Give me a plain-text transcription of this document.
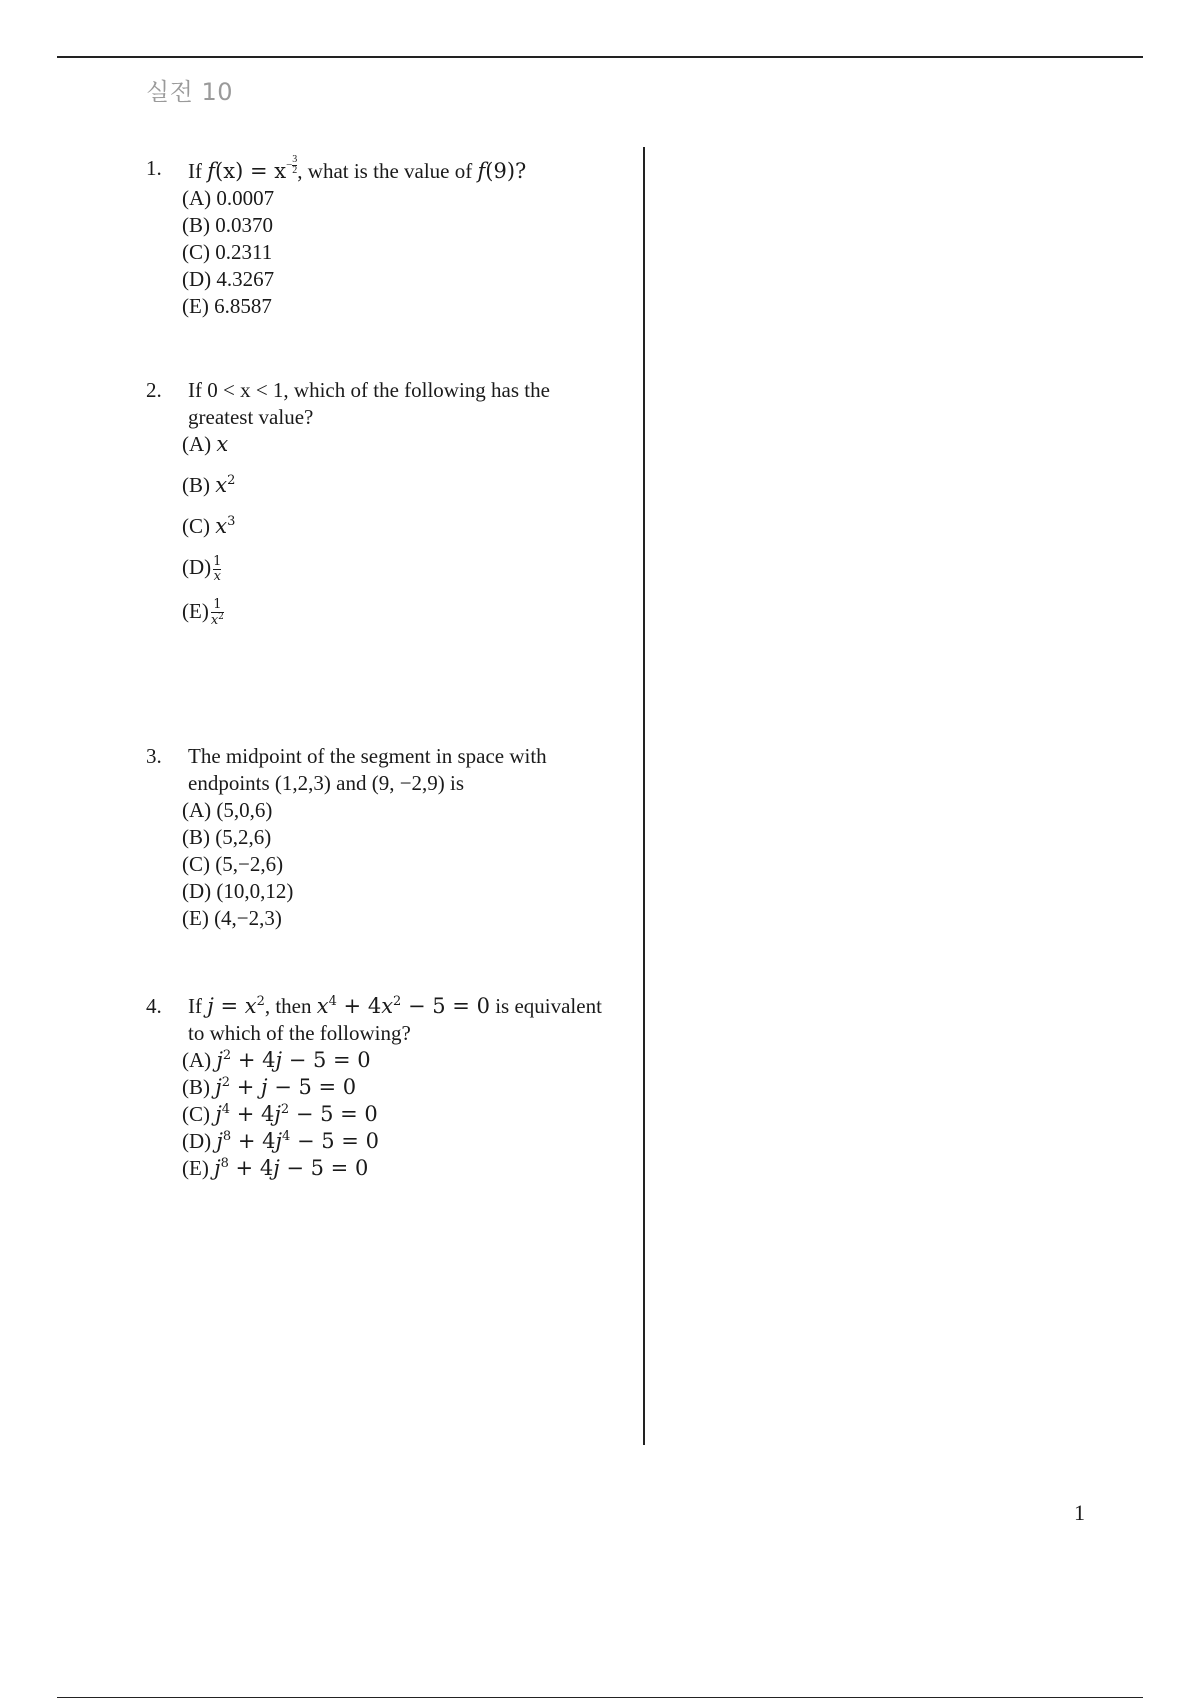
실전 10
1.	If $f(x) = x - \frac{3}{2}$ , what is the value of f(9)?
(A) 0.0007
(B) 0.0370
(C) 0.2311
(D) 4.3267
(E) 6.8587
2.	If 0 < x < 1, which of the following has the greatest value?
(A) x
(B) $x^2$
(C) $x^3$
$(D) \frac{1}{x}$
$(E) \frac{1}{x^2}$
3.	The midpoint of the segment in space with endpoints (1,2,3) and (9, −2,9) is
(A) (5,0,6)
(B) (5,2,6)
(C) (5,−2,6)
(D) (10,0,12)
(E) (4,−2,3)
4.	If $j = x^2$, then $x^4 + 4x^2 - 5 = 0$ is equivalent to which of the following?
(A) $j^2 + 4j - 5 = 0$
(B) $j^2 + j - 5 = 0$
(C) $j^4 + 4j^2 - 5 = 0$
(D) $j^8 + 4j^4 - 5 = 0$
(E) $j^8 + 4j - 5 = 0$
1
